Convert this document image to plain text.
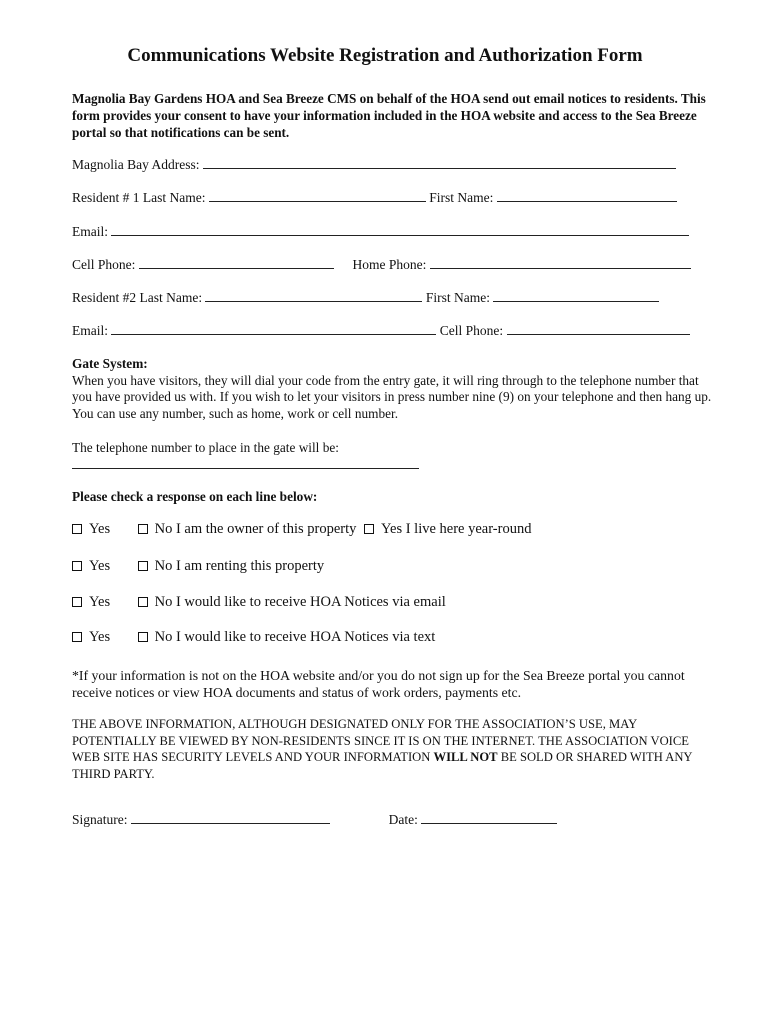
Communications Website Registration and Authorization Form
Magnolia Bay Gardens HOA and Sea Breeze CMS on behalf of the HOA send out email notices to residents. This form provides your consent to have your information included in the HOA website and access to the Sea Breeze portal so that notifications can be sent.
Magnolia Bay Address:
Resident # 1 Last Name:	First Name:
Email:
Cell Phone:	Home Phone:
Resident #2 Last Name:	First Name:
Email:	Cell Phone:
Gate System:
When you have visitors, they will dial your code from the entry gate, it will ring through to the telephone number that you have provided us with. If you wish to let your visitors in press number nine (9) on your telephone and then hang up. You can use any number, such as home, work or cell number.
The telephone number to place in the gate will be:
Please check a response on each line below:
Yes	No I am the owner of this property Yes I live here year-round
Yes	No I am renting this property
Yes	No I would like to receive HOA Notices via email
Yes	No I would like to receive HOA Notices via text
*If your information is not on the HOA website and/or you do not sign up for the Sea Breeze portal you cannot receive notices or view HOA documents and status of work orders, payments etc.
THE ABOVE INFORMATION, ALTHOUGH DESIGNATED ONLY FOR THE ASSOCIATION’S USE, MAY POTENTIALLY BE VIEWED BY NON-RESIDENTS SINCE IT IS ON THE INTERNET. THE ASSOCIATION VOICE WEB SITE HAS SECURITY LEVELS AND YOUR INFORMATION WILL NOT BE SOLD OR SHARED WITH ANY THIRD PARTY.
Signature:	Date:
